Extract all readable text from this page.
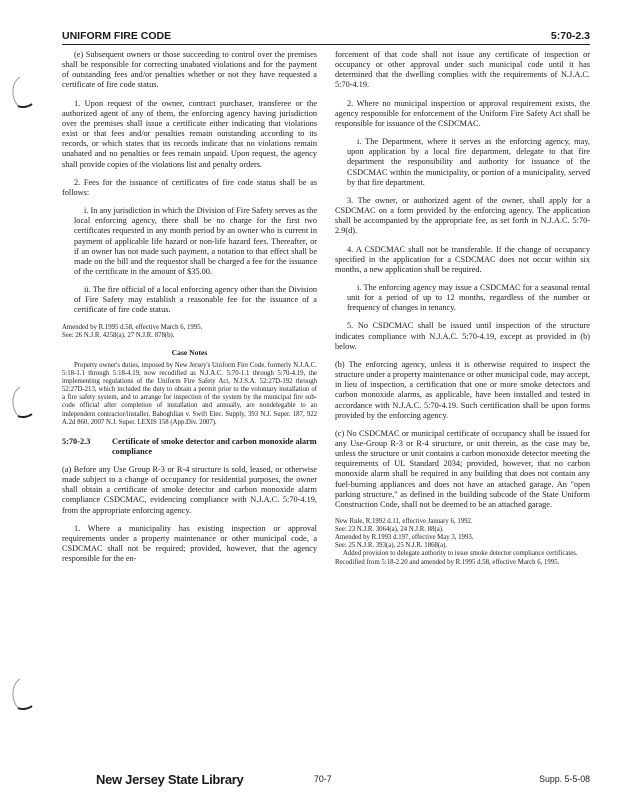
UNIFORM FIRE CODE	5:70-2.3

(e) Subsequent owners or those succeeding to control over the premises shall be responsible for correcting unabated violations and for the payment of outstanding fees and/or penalties whether or not they have requested a certificate of fire code status.

1. Upon request of the owner, contract purchaser, transferee or the authorized agent of any of them, the enforcing agency having jurisdiction over the premises shall issue a certificate either indicating that violations exist or that fees and/or penalties remain outstanding according to its records, or which states that its records indicate that no violations remain unabated and no penalties or fees remain unpaid. Upon request, the agency shall provide copies of the violations list and penalty orders.

2. Fees for the issuance of certificates of fire code status shall be as follows:

i. In any jurisdiction in which the Division of Fire Safety serves as the local enforcing agency, there shall be no charge for the first two certificates requested in any month period by an owner who is current in payment of applicable life hazard or non-life hazard fees. Thereafter, or if an owner has not made such payment, a notation to that effect shall be made on the bill and the requestor shall be charged a fee for the issuance of the certificate in the amount of $35.00.

ii. The fire official of a local enforcing agency other than the Division of Fire Safety may establish a reasonable fee for the issuance of a certificate of fire code status.

Amended by R.1995 d.58, effective March 6, 1995.

See: 26 N.J.R. 4258(a), 27 N.J.R. 878(b).

Case Notes

Property owner's duties, imposed by New Jersey's Uniform Fire Code, formerly N.J.A.C. 5:18-1.1 through 5:18-4.19, now recodified as N.J.A.C. 5:70-1.1 through 5:70-4.19, the implementing regulations of the Uniform Fire Safety Act, N.J.S.A. 52:27D-192 through 52:27D-213, which included the duty to obtain a permit prior to the voluntary installation of a fire safety system, and to arrange for inspection of the system by the municipal fire sub-code official after completion of installation and annually, are nondelegable to an independent contractor/installer. Baboghlian v. Swift Elec. Supply, 393 N.J. Super. 187, 922 A.2d 860, 2007 N.J. Super. LEXIS 158 (App.Div. 2007).

5:70-2.3	Certificate of smoke detector and carbon monoxide alarm compliance

(a) Before any Use Group R-3 or R-4 structure is sold, leased, or otherwise made subject to a change of occupancy for residential purposes, the owner shall obtain a certificate of smoke detector and carbon monoxide alarm compliance CSDCMAC, evidencing compliance with N.J.A.C. 5:70-4.19, from the appropriate enforcing agency.

1. Where a municipality has existing inspection or approval requirements under a property maintenance or other municipal code, a CSDCMAC shall not be required; provided, however, that the agency responsible for the en-

forcement of that code shall not issue any certificate of inspection or occupancy or other approval under such municipal code until it has determined that the dwelling complies with the requirements of N.J.A.C. 5:70-4.19.

2. Where no municipal inspection or approval requirement exists, the agency responsible for enforcement of the Uniform Fire Safety Act shall be responsible for issuance of the CSDCMAC.

i. The Department, where it serves as the enforcing agency, may, upon application by a local fire department, delegate to that fire department the responsibility and authority for issuance of the CSDCMAC within the municipality, or portion of a municipality, served by that fire department.

3. The owner, or authorized agent of the owner, shall apply for a CSDCMAC on a form provided by the enforcing agency. The application shall be accompanied by the appropriate fee, as set forth in N.J.A.C. 5:70-2.9(d).

4. A CSDCMAC shall not be transferable. If the change of occupancy specified in the application for a CSDCMAC does not occur within six months, a new application shall be required.

i. The enforcing agency may issue a CSDCMAC for a seasonal rental unit for a period of up to 12 months, regardless of the number or frequency of changes in tenancy.

5. No CSDCMAC shall be issued until inspection of the structure indicates compliance with N.J.A.C. 5:70-4.19, except as provided in (b) below.

(b) The enforcing agency, unless it is otherwise required to inspect the structure under a property maintenance or other municipal code, may accept, in lieu of inspection, a certification that one or more smoke detectors and carbon monoxide alarms, as applicable, have been installed and tested in accordance with N.J.A.C. 5:70-4.19. Such certification shall be upon forms provided by the enforcing agency.

(c) No CSDCMAC or municipal certificate of occupancy shall be issued for any Use-Group R-3 or R-4 structure, or unit therein, as the case may be, unless the structure or unit contains a carbon monoxide detector meeting the requirements of UL Standard 2034; provided, however, that no carbon monoxide alarm shall be required in any building that does not contain any fuel-burning appliances and does not have an attached garage. An "open parking structure," as defined in the building subcode of the State Uniform Construction Code, shall not be deemed to be an attached garage.

New Rule, R.1992 d.11, effective January 6, 1992.

See: 23 N.J.R. 3064(a), 24 N.J.R. 88(a).

Amended by R.1993 d.197, effective May 3, 1993.

See: 25 N.J.R. 393(a), 25 N.J.R. 1868(a).

Added provision to delegate authority to issue smoke detector compliance certificates.

Recodified from 5:18-2.20 and amended by R.1995 d.58, effective March 6, 1995.

New Jersey State Library	70-7	Supp. 5-5-08
